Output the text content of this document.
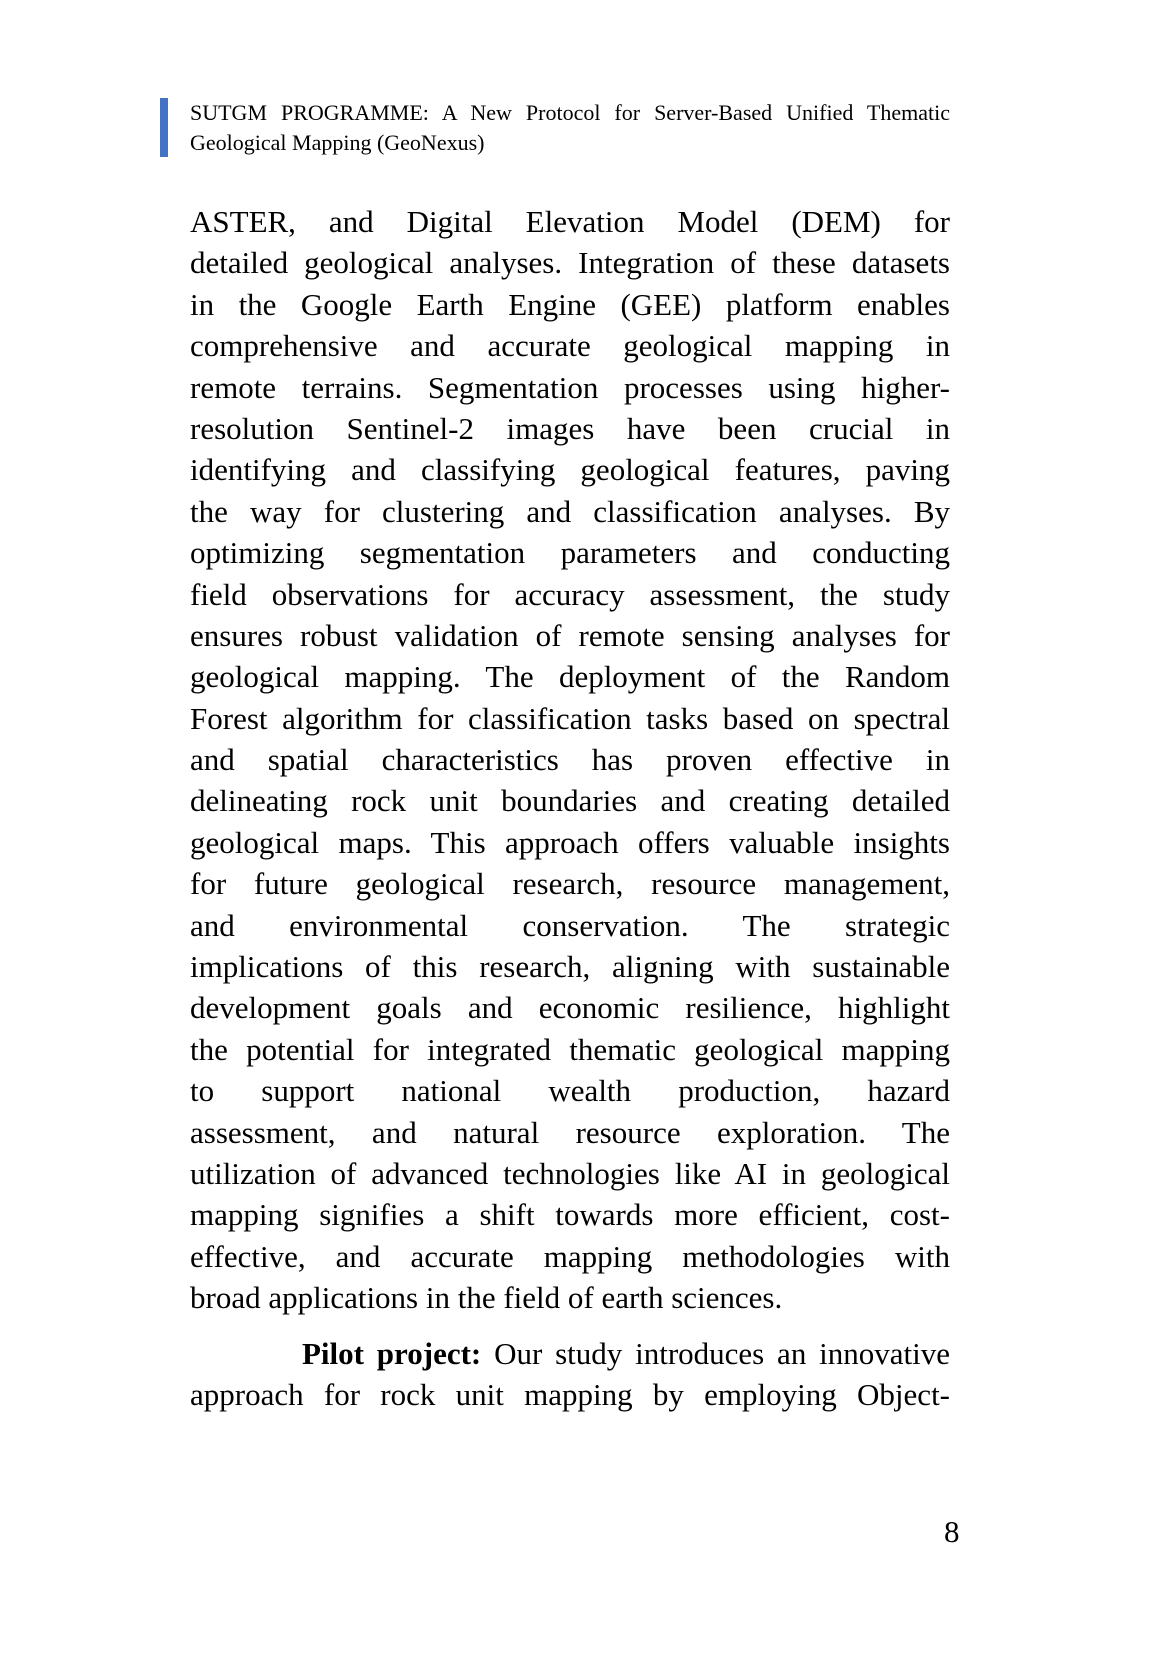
SUTGM PROGRAMME: A New Protocol for Server-Based Unified Thematic
Geological Mapping (GeoNexus)
ASTER, and Digital Elevation Model (DEM) for
detailed geological analyses. Integration of these datasets
in the Google Earth Engine (GEE) platform enables
comprehensive and accurate geological mapping in
remote terrains. Segmentation processes using higher-
resolution Sentinel-2 images have been crucial in
identifying and classifying geological features, paving
the way for clustering and classification analyses. By
optimizing segmentation parameters and conducting
field observations for accuracy assessment, the study
ensures robust validation of remote sensing analyses for
geological mapping. The deployment of the Random
Forest algorithm for classification tasks based on spectral
and spatial characteristics has proven effective in
delineating rock unit boundaries and creating detailed
geological maps. This approach offers valuable insights
for future geological research, resource management,
and environmental conservation. The strategic
implications of this research, aligning with sustainable
development goals and economic resilience, highlight
the potential for integrated thematic geological mapping
to support national wealth production, hazard
assessment, and natural resource exploration. The
utilization of advanced technologies like AI in geological
mapping signifies a shift towards more efficient, cost-
effective, and accurate mapping methodologies with
broad applications in the field of earth sciences.
Pilot project: Our study introduces an innovative
approach for rock unit mapping by employing Object-
8
